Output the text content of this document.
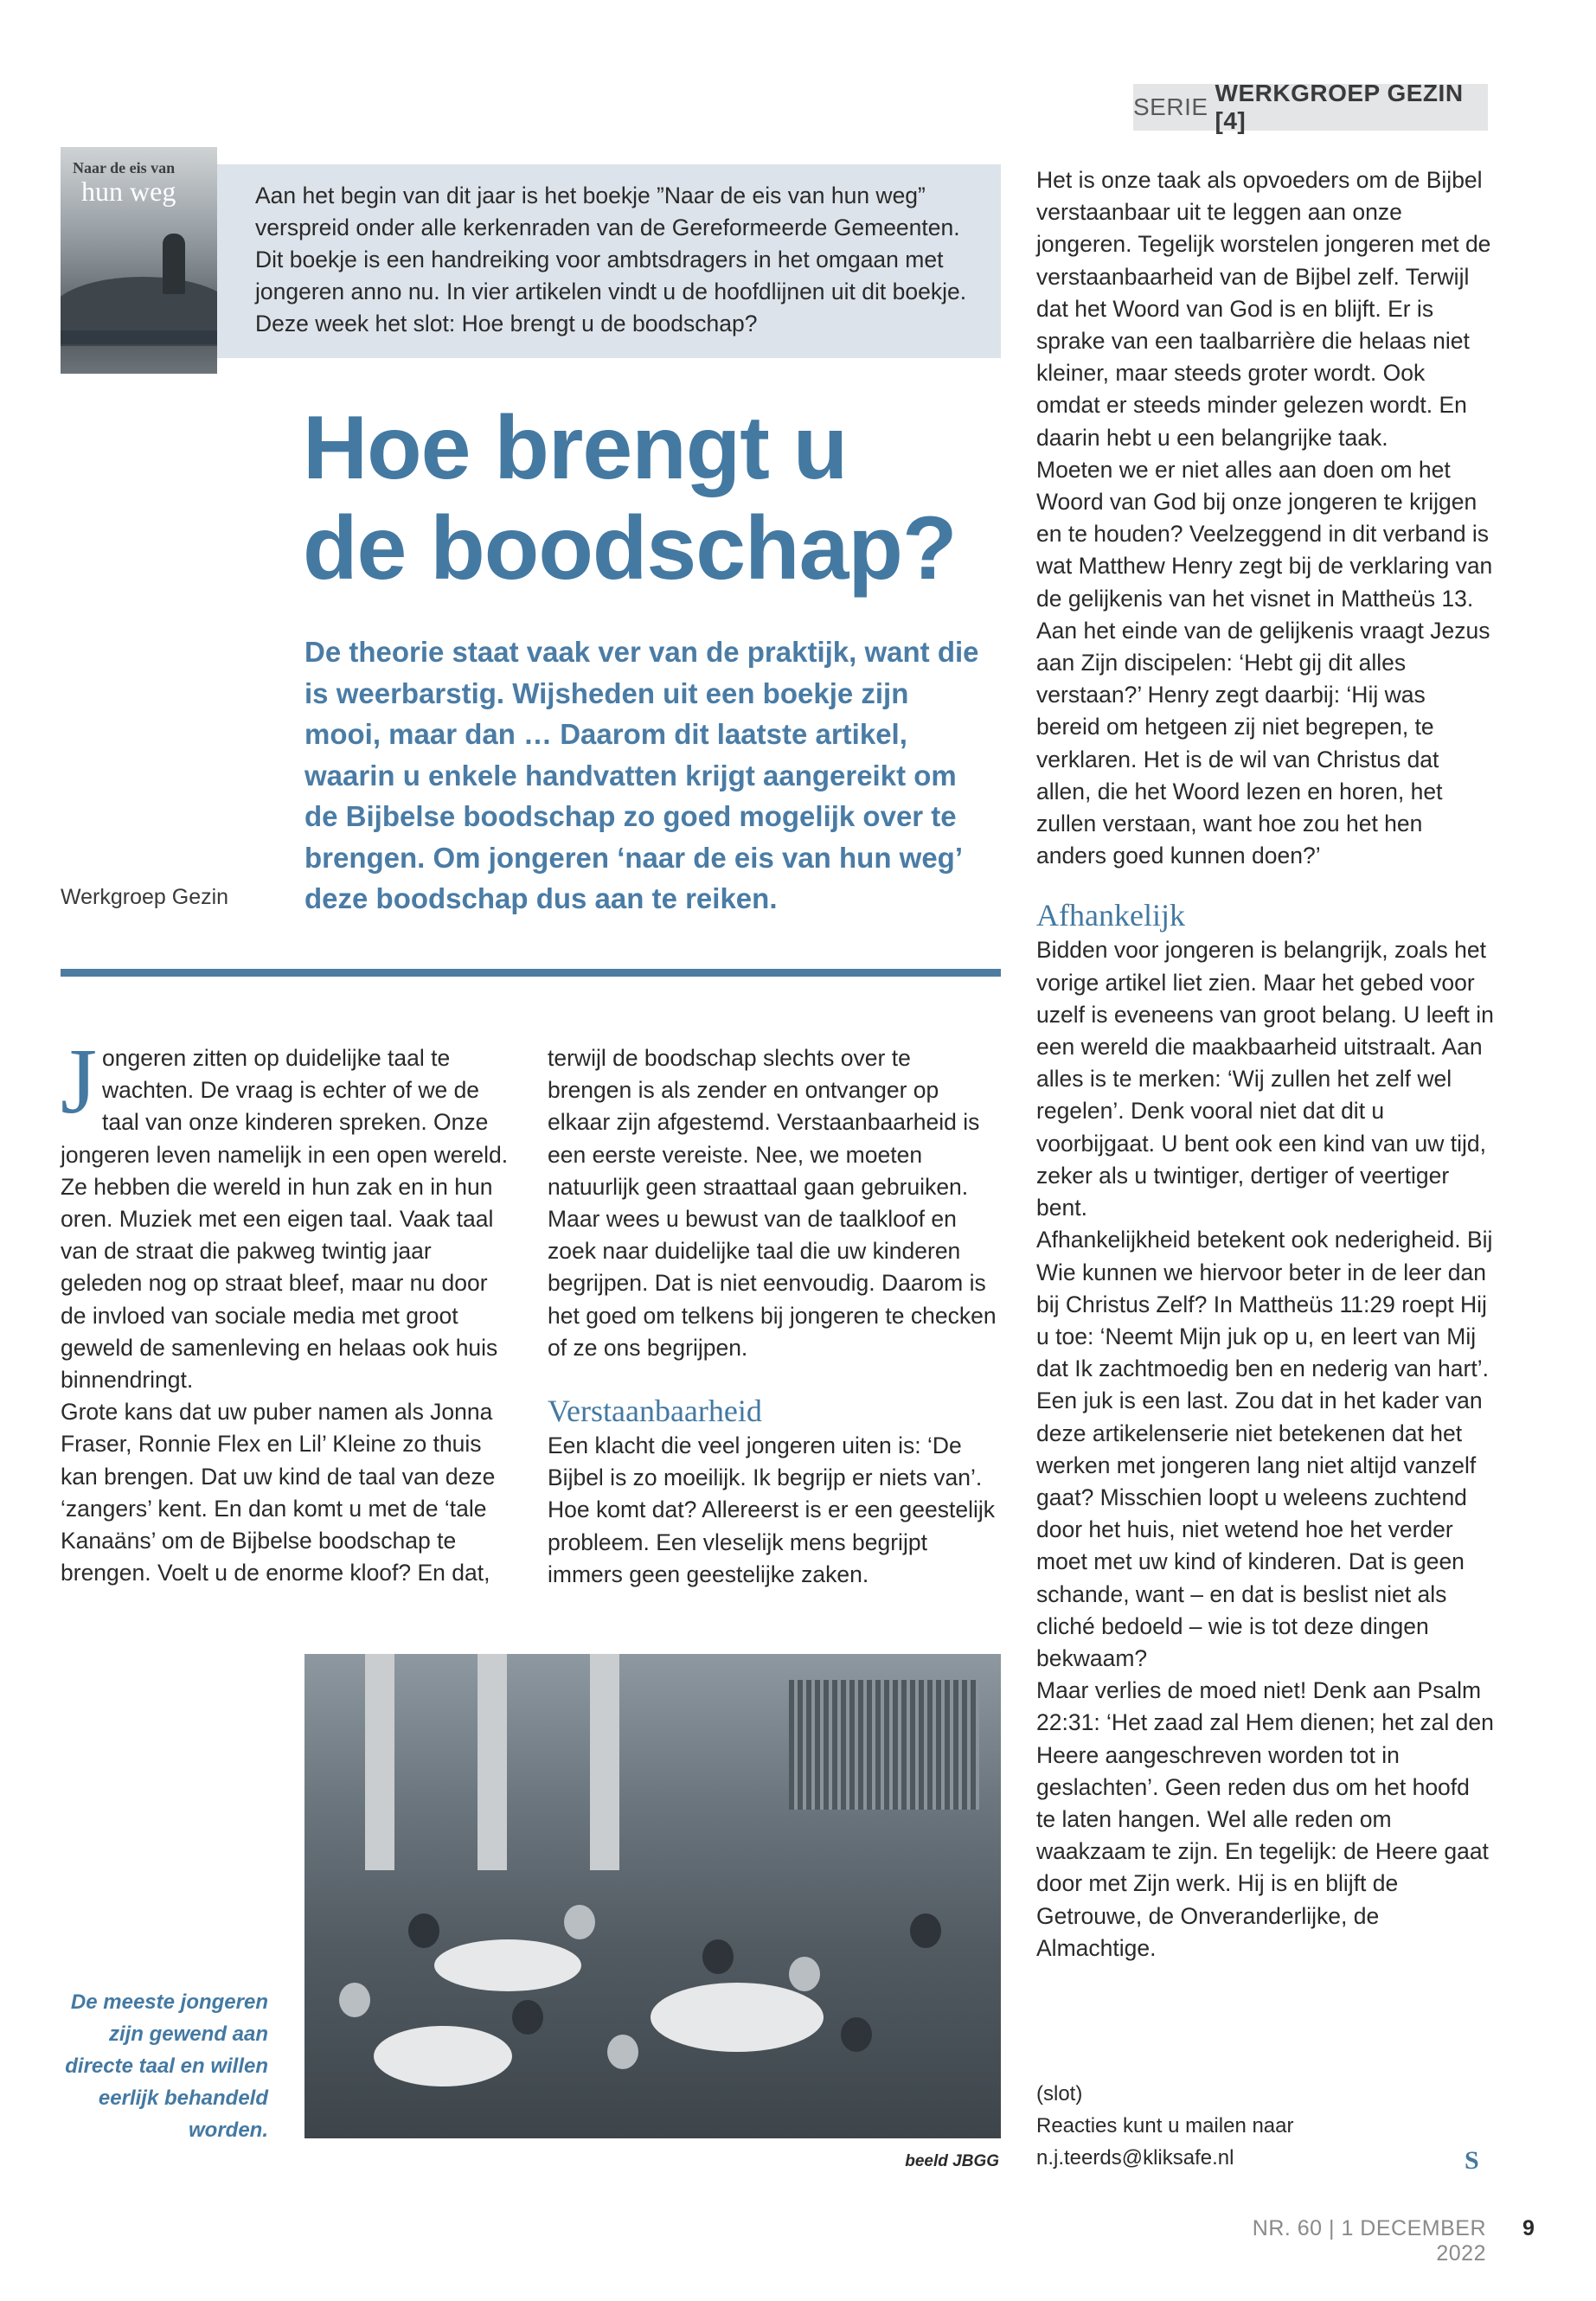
SERIE
WERKGROEP GEZIN [4]
Naar de eis van
hun weg	Aan het begin van dit jaar is het boekje ”Naar de eis van hun weg” verspreid onder alle kerkenraden van de Gereformeerde Gemeenten. Dit boekje is een handreiking voor ambtsdragers in het omgaan met jongeren anno nu. In vier artikelen vindt u de hoofdlijnen uit dit boekje. Deze week het slot: Hoe brengt u de boodschap?
Hoe brengt u
de boodschap?
De theorie staat vaak ver van de praktijk, want die is weerbarstig. Wijsheden uit een boekje zijn mooi, maar dan … Daarom dit laatste artikel, waarin u enkele handvatten krijgt aangereikt om de Bijbelse boodschap zo goed mogelijk over te brengen. Om jongeren ‘naar de eis van hun weg’ deze boodschap dus aan te reiken.
Werkgroep Gezin

Jongeren zitten op duidelijke taal te wachten. De vraag is echter of we de taal van onze kinderen spreken. Onze jongeren leven namelijk in een open wereld. Ze hebben die wereld in hun zak en in hun oren. Muziek met een eigen taal. Vaak taal van de straat die pakweg twintig jaar geleden nog op straat bleef, maar nu door de invloed van sociale media met groot geweld de samenleving en helaas ook huis binnendringt.

Grote kans dat uw puber namen als Jonna Fraser, Ronnie Flex en Lil’ Kleine zo thuis kan brengen. Dat uw kind de taal van deze ‘zangers’ kent. En dan komt u met de ‘tale Kanaäns’ om de Bijbelse boodschap te brengen. Voelt u de enorme kloof? En dat,

terwijl de boodschap slechts over te brengen is als zender en ontvanger op elkaar zijn afgestemd. Verstaanbaarheid is een eerste vereiste. Nee, we moeten natuurlijk geen straattaal gaan gebruiken. Maar wees u bewust van de taalkloof en zoek naar duidelijke taal die uw kinderen begrijpen. Dat is niet eenvoudig. Daarom is het goed om telkens bij jongeren te checken of ze ons begrijpen.

Verstaanbaarheid

Een klacht die veel jongeren uiten is: ‘De Bijbel is zo moeilijk. Ik begrijp er niets van’. Hoe komt dat? Allereerst is er een geestelijk probleem. Een vleselijk mens begrijpt immers geen geestelijke zaken.

Het is onze taak als opvoeders om de Bijbel verstaanbaar uit te leggen aan onze jongeren. Tegelijk worstelen jongeren met de verstaanbaarheid van de Bijbel zelf. Terwijl dat het Woord van God is en blijft. Er is sprake van een taalbarrière die helaas niet kleiner, maar steeds groter wordt. Ook omdat er steeds minder gelezen wordt. En daarin hebt u een belangrijke taak.

Moeten we er niet alles aan doen om het Woord van God bij onze jongeren te krijgen en te houden? Veelzeggend in dit verband is wat Matthew Henry zegt bij de verklaring van de gelijkenis van het visnet in Mattheüs 13. Aan het einde van de gelijkenis vraagt Jezus aan Zijn discipelen: ‘Hebt gij dit alles verstaan?’ Henry zegt daarbij: ‘Hij was bereid om hetgeen zij niet begrepen, te verklaren. Het is de wil van Christus dat allen, die het Woord lezen en horen, het zullen verstaan, want hoe zou het hen anders goed kunnen doen?’

Afhankelijk

Bidden voor jongeren is belangrijk, zoals het vorige artikel liet zien. Maar het gebed voor uzelf is eveneens van groot belang. U leeft in een wereld die maakbaarheid uitstraalt. Aan alles is te merken: ‘Wij zullen het zelf wel regelen’. Denk vooral niet dat dit u voorbijgaat. U bent ook een kind van uw tijd, zeker als u twintiger, dertiger of veertiger bent.

Afhankelijkheid betekent ook nederigheid. Bij Wie kunnen we hiervoor beter in de leer dan bij Christus Zelf? In Mattheüs 11:29 roept Hij u toe: ‘Neemt Mijn juk op u, en leert van Mij dat Ik zachtmoedig ben en nederig van hart’. Een juk is een last. Zou dat in het kader van deze artikelenserie niet betekenen dat het werken met jongeren lang niet altijd vanzelf gaat? Misschien loopt u weleens zuchtend door het huis, niet wetend hoe het verder moet met uw kind of kinderen. Dat is geen schande, want – en dat is beslist niet als cliché bedoeld – wie is tot deze dingen bekwaam?

Maar verlies de moed niet! Denk aan Psalm 22:31: ‘Het zaad zal Hem dienen; het zal den Heere aangeschreven worden tot in geslachten’. Geen reden dus om het hoofd te laten hangen. Wel alle reden om waakzaam te zijn. En tegelijk: de Heere gaat door met Zijn werk. Hij is en blijft de Getrouwe, de Onveranderlijke, de Almachtige.

De meeste jongeren zijn gewend aan directe taal en willen eerlijk behandeld worden.
beeld JBGG

(slot)

Reacties kunt u mailen naar

n.j.teerds@kliksafe.nl	S
NR. 60 | 1 DECEMBER 2022
9
